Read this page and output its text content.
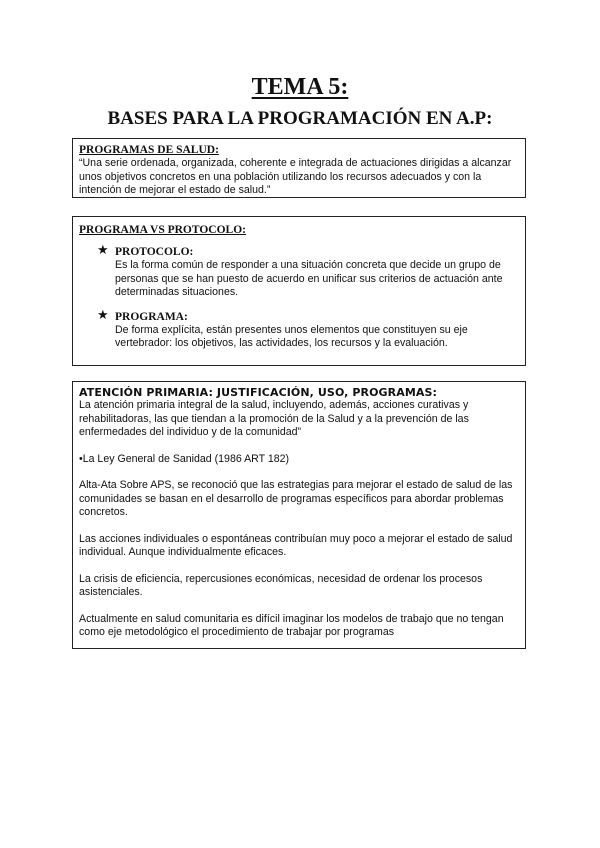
TEMA 5:
BASES PARA LA PROGRAMACIÓN EN A.P:
PROGRAMAS DE SALUD:

“Una serie ordenada, organizada, coherente e integrada de actuaciones dirigidas a alcanzar unos objetivos concretos en una población utilizando los recursos adecuados y con la intención de mejorar el estado de salud.”

PROGRAMA VS PROTOCOLO:
★ PROTOCOLO:
Es la forma común de responder a una situación concreta que decide un grupo de personas que se han puesto de acuerdo en unificar sus criterios de actuación ante determinadas situaciones.
★ PROGRAMA:
De forma explícita, están presentes unos elementos que constituyen su eje vertebrador: los objetivos, las actividades, los recursos y la evaluación.
ATENCIÓN PRIMARIA: JUSTIFICACIÓN, USO, PROGRAMAS:

La atención primaria integral de la salud, incluyendo, además, acciones curativas y rehabilitadoras, las que tiendan a la promoción de la Salud y a la prevención de las enfermedades del individuo y de la comunidad”

•La Ley General de Sanidad (1986 ART 182)

Alta-Ata Sobre APS, se reconoció que las estrategias para mejorar el estado de salud de las comunidades se basan en el desarrollo de programas específicos para abordar problemas concretos.

Las acciones individuales o espontáneas contribuían muy poco a mejorar el estado de salud individual. Aunque individualmente eficaces.

La crisis de eficiencia, repercusiones económicas, necesidad de ordenar los procesos asistenciales.

Actualmente en salud comunitaria es difícil imaginar los modelos de trabajo que no tengan como eje metodológico el procedimiento de trabajar por programas
